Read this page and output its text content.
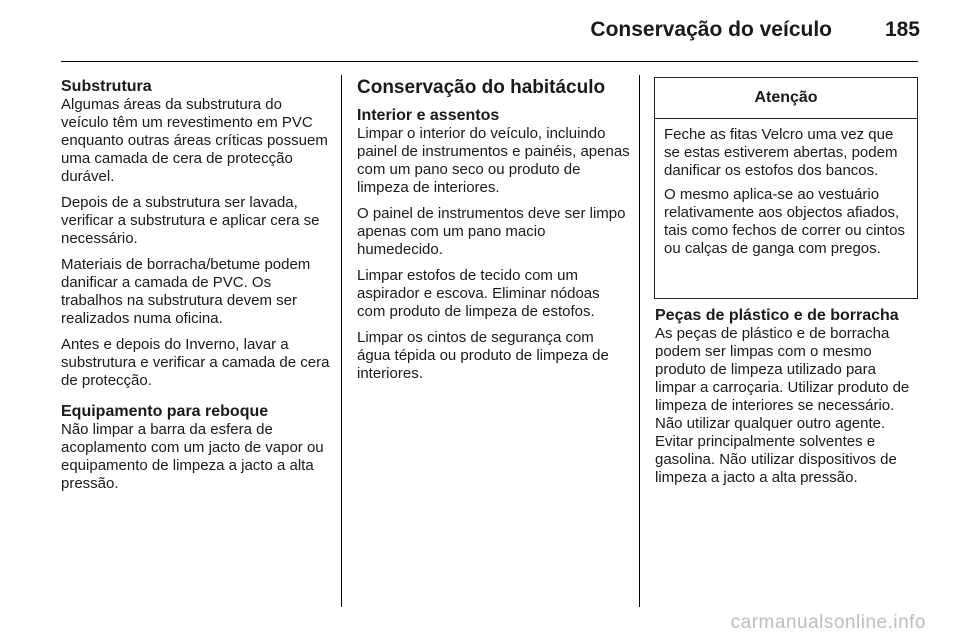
Conservação do veículo	185
Substrutura

Algumas áreas da substrutura do veículo têm um revestimento em PVC enquanto outras áreas críticas possuem uma camada de cera de protecção durável.

Depois de a substrutura ser lavada, verificar a substrutura e aplicar cera se necessário.

Materiais de borracha/betume podem danificar a camada de PVC. Os trabalhos na substrutura devem ser realizados numa oficina.

Antes e depois do Inverno, lavar a substrutura e verificar a camada de cera de protecção.

Equipamento para reboque

Não limpar a barra da esfera de acoplamento com um jacto de vapor ou equipamento de limpeza a jacto a alta pressão.

Conservação do habitáculo
Interior e assentos

Limpar o interior do veículo, incluindo painel de instrumentos e painéis, apenas com um pano seco ou produto de limpeza de interiores.

O painel de instrumentos deve ser limpo apenas com um pano macio humedecido.

Limpar estofos de tecido com um aspirador e escova. Eliminar nódoas com produto de limpeza de estofos.

Limpar os cintos de segurança com água tépida ou produto de limpeza de interiores.

Atenção

Feche as fitas Velcro uma vez que se estas estiverem abertas, podem danificar os estofos dos bancos.

O mesmo aplica-se ao vestuário relativamente aos objectos afiados, tais como fechos de correr ou cintos ou calças de ganga com pregos.

Peças de plástico e de borracha

As peças de plástico e de borracha podem ser limpas com o mesmo produto de limpeza utilizado para limpar a carroçaria. Utilizar produto de limpeza de interiores se necessário. Não utilizar qualquer outro agente. Evitar principalmente solventes e gasolina. Não utilizar dispositivos de limpeza a jacto a alta pressão.

carmanualsonline.info
